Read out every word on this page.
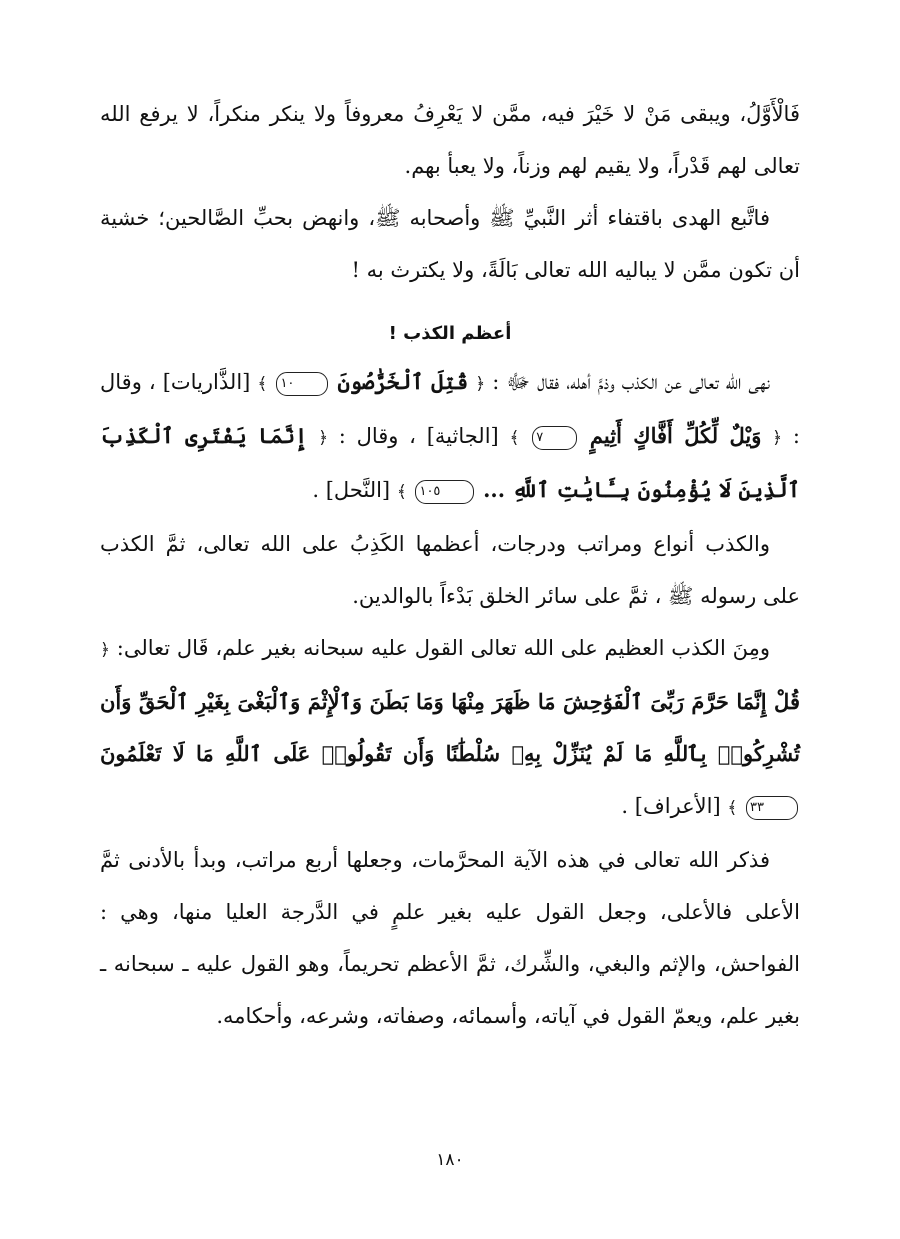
فَالْأَوَّلُ، ويبقى مَنْ لا خَيْرَ فيه، ممَّن لا يَعْرِفُ معروفاً ولا ينكر منكراً، لا يرفع الله تعالى لهم قَدْراً، ولا يقيم لهم وزناً، ولا يعبأ بهم.

فاتَّبع الهدى باقتفاء أثر النَّبيِّ ﷺ وأصحابه ﷺ، وانهض بحبِّ الصَّالحين؛ خشية أن تكون ممَّن لا يباليه الله تعالى بَالَةً، ولا يكترث به !

أعظم الكذب !

نهى الله تعالى عن الكذب وذمَّ أهله، فقال ﷻ : ﴿ قُتِلَ ٱلْخَرَّٰصُونَ ١٠ ﴾ [الذَّاريات] ، وقال : ﴿ وَيْلٌ لِّكُلِّ أَفَّاكٍ أَثِيمٍ ٧ ﴾ [الجاثية] ، وقال : ﴿ إِنَّمَا يَفْتَرِى ٱلْكَذِبَ ٱلَّذِينَ لَا يُؤْمِنُونَ بِـَٔايَٰتِ ٱللَّهِ ... ١٠٥ ﴾ [النَّحل] .

والكذب أنواع ومراتب ودرجات، أعظمها الكَذِبُ على الله تعالى، ثمَّ الكذب على رسوله ﷺ ، ثمَّ على سائر الخلق بَدْءاً بالوالدين.

ومِنَ الكذب العظيم على الله تعالى القول عليه سبحانه بغير علم، قَال تعالى: ﴿ قُلْ إِنَّمَا حَرَّمَ رَبِّىَ ٱلْفَوَٰحِشَ مَا ظَهَرَ مِنْهَا وَمَا بَطَنَ وَٱلْإِثْمَ وَٱلْبَغْىَ بِغَيْرِ ٱلْحَقِّ وَأَن تُشْرِكُوا۟ بِٱللَّهِ مَا لَمْ يُنَزِّلْ بِهِۦ سُلْطَٰنًا وَأَن تَقُولُوا۟ عَلَى ٱللَّهِ مَا لَا تَعْلَمُونَ ٣٣ ﴾ [الأعراف] .

فذكر الله تعالى في هذه الآية المحرَّمات، وجعلها أربع مراتب، وبدأ بالأدنى ثمَّ الأعلى فالأعلى، وجعل القول عليه بغير علمٍ في الدَّرجة العليا منها، وهي : الفواحش، والإثم والبغي، والشِّرك، ثمَّ الأعظم تحريماً، وهو القول عليه ـ سبحانه ـ بغير علم، ويعمّ القول في آياته، وأسمائه، وصفاته، وشرعه، وأحكامه.

١٨٠
